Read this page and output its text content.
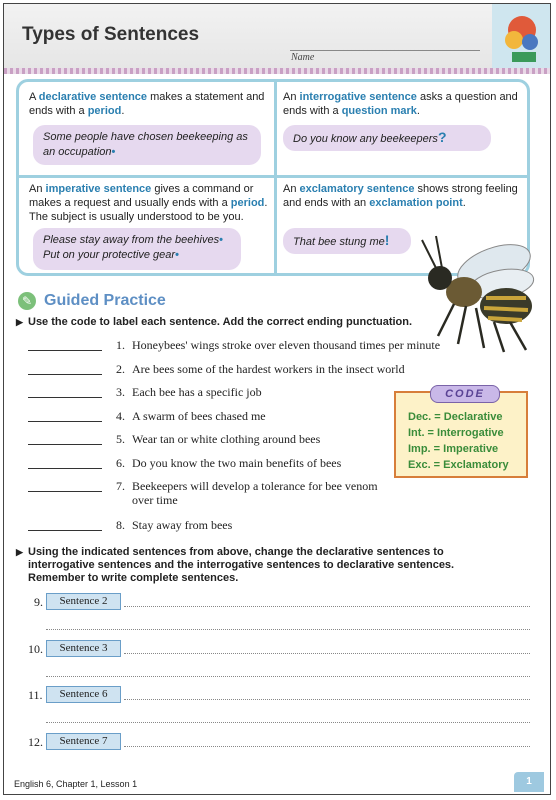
Types of Sentences
Name
A declarative sentence makes a statement and ends with a period.
Some people have chosen beekeeping as an occupation•
An interrogative sentence asks a question and ends with a question mark.
Do you know any beekeepers?
An imperative sentence gives a command or makes a request and usually ends with a period. The subject is usually understood to be you.
Please stay away from the beehives•
Put on your protective gear•
An exclamatory sentence shows strong feeling and ends with an exclamation point.
That bee stung me!
✎ Guided Practice
▶ Use the code to label each sentence. Add the correct ending punctuation.
1. Honeybees' wings stroke over eleven thousand times per minute
2. Are bees some of the hardest workers in the insect world
3. Each bee has a specific job
4. A swarm of bees chased me
5. Wear tan or white clothing around bees
6. Do you know the two main benefits of bees
7. Beekeepers will develop a tolerance for bee venom over time
8. Stay away from bees
CODE
Dec. = Declarative
Int. = Interrogative
Imp. = Imperative
Exc. = Exclamatory
▶ Using the indicated sentences from above, change the declarative sentences to interrogative sentences and the interrogative sentences to declarative sentences. Remember to write complete sentences.
9.	Sentence 2
10.	Sentence 3
11.	Sentence 6
12.	Sentence 7
English 6, Chapter 1, Lesson 1	1
